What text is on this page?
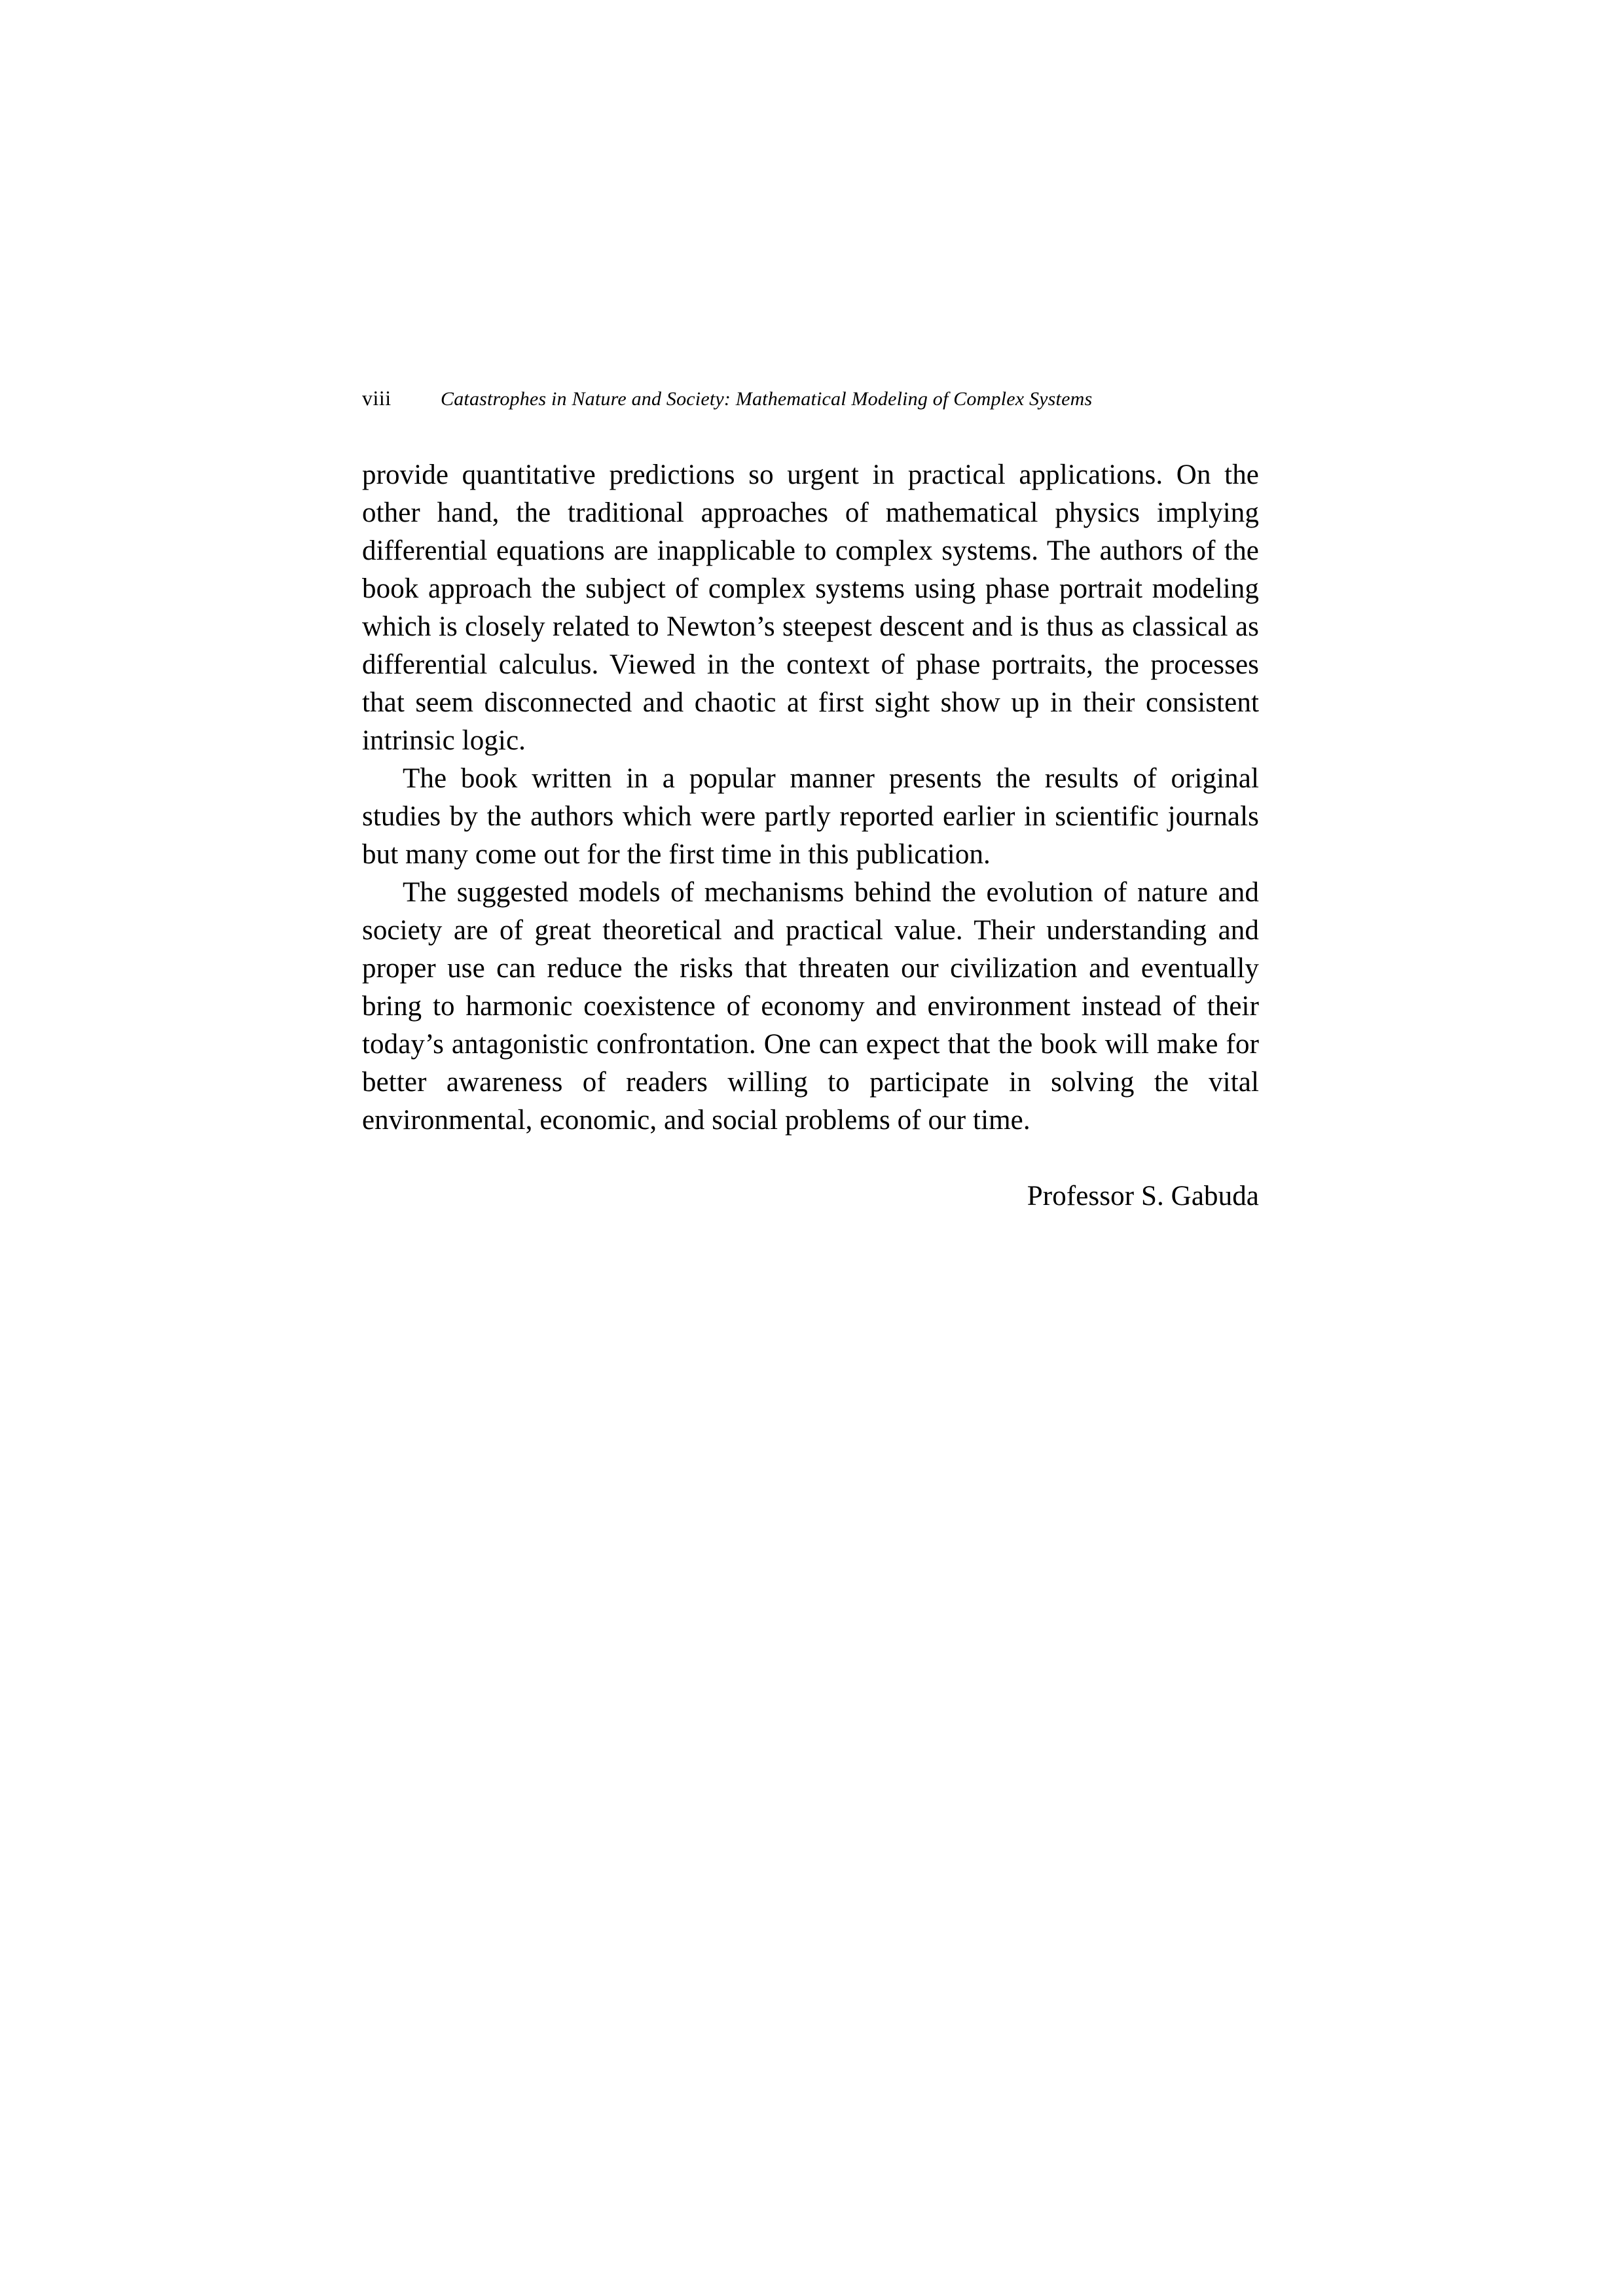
viii	Catastrophes in Nature and Society: Mathematical Modeling of Complex Systems

provide quantitative predictions so urgent in practical applications. On the other hand, the traditional approaches of mathematical physics implying differential equations are inapplicable to complex systems. The authors of the book approach the subject of complex systems using phase portrait modeling which is closely related to Newton’s steepest descent and is thus as classical as differential calculus. Viewed in the context of phase portraits, the processes that seem disconnected and chaotic at first sight show up in their consistent intrinsic logic.

The book written in a popular manner presents the results of original studies by the authors which were partly reported earlier in scientific journals but many come out for the first time in this publication.

The suggested models of mechanisms behind the evolution of nature and society are of great theoretical and practical value. Their understanding and proper use can reduce the risks that threaten our civilization and eventually bring to harmonic coexistence of economy and environment instead of their today’s antagonistic confrontation. One can expect that the book will make for better awareness of readers willing to participate in solving the vital environmental, economic, and social problems of our time.

Professor S. Gabuda
